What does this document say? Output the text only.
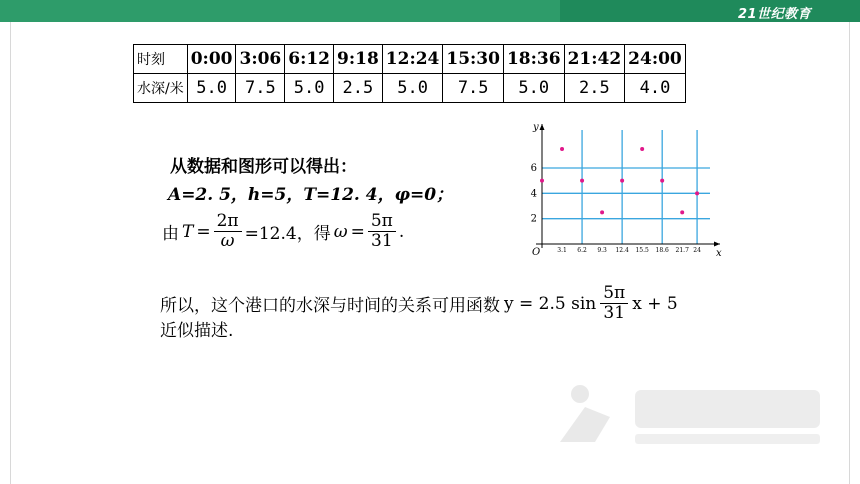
21世纪教育
时刻	0:00	3:06	6:12	9:18	12:24	15:30	18:36	21:42	24:00
水深/米	5.0	7.5	5.0	2.5	5.0	7.5	5.0	2.5	4.0
从数据和图形可以得出：
A=2. 5，h=5，T=12. 4，φ=0；
由 $T = \frac{2\pi}{\omega} =12.4$，得 $\omega = \frac{5\pi}{31}$ .
所以，这个港口的水深与时间的关系可用函数 y = 2.5 $\sin \frac{5\pi}{31}$ x + 5
近似描述.
x
y
O	3.1 6.2 9.3 12.4 15.5 18.6 21.7 24
2
4
6
